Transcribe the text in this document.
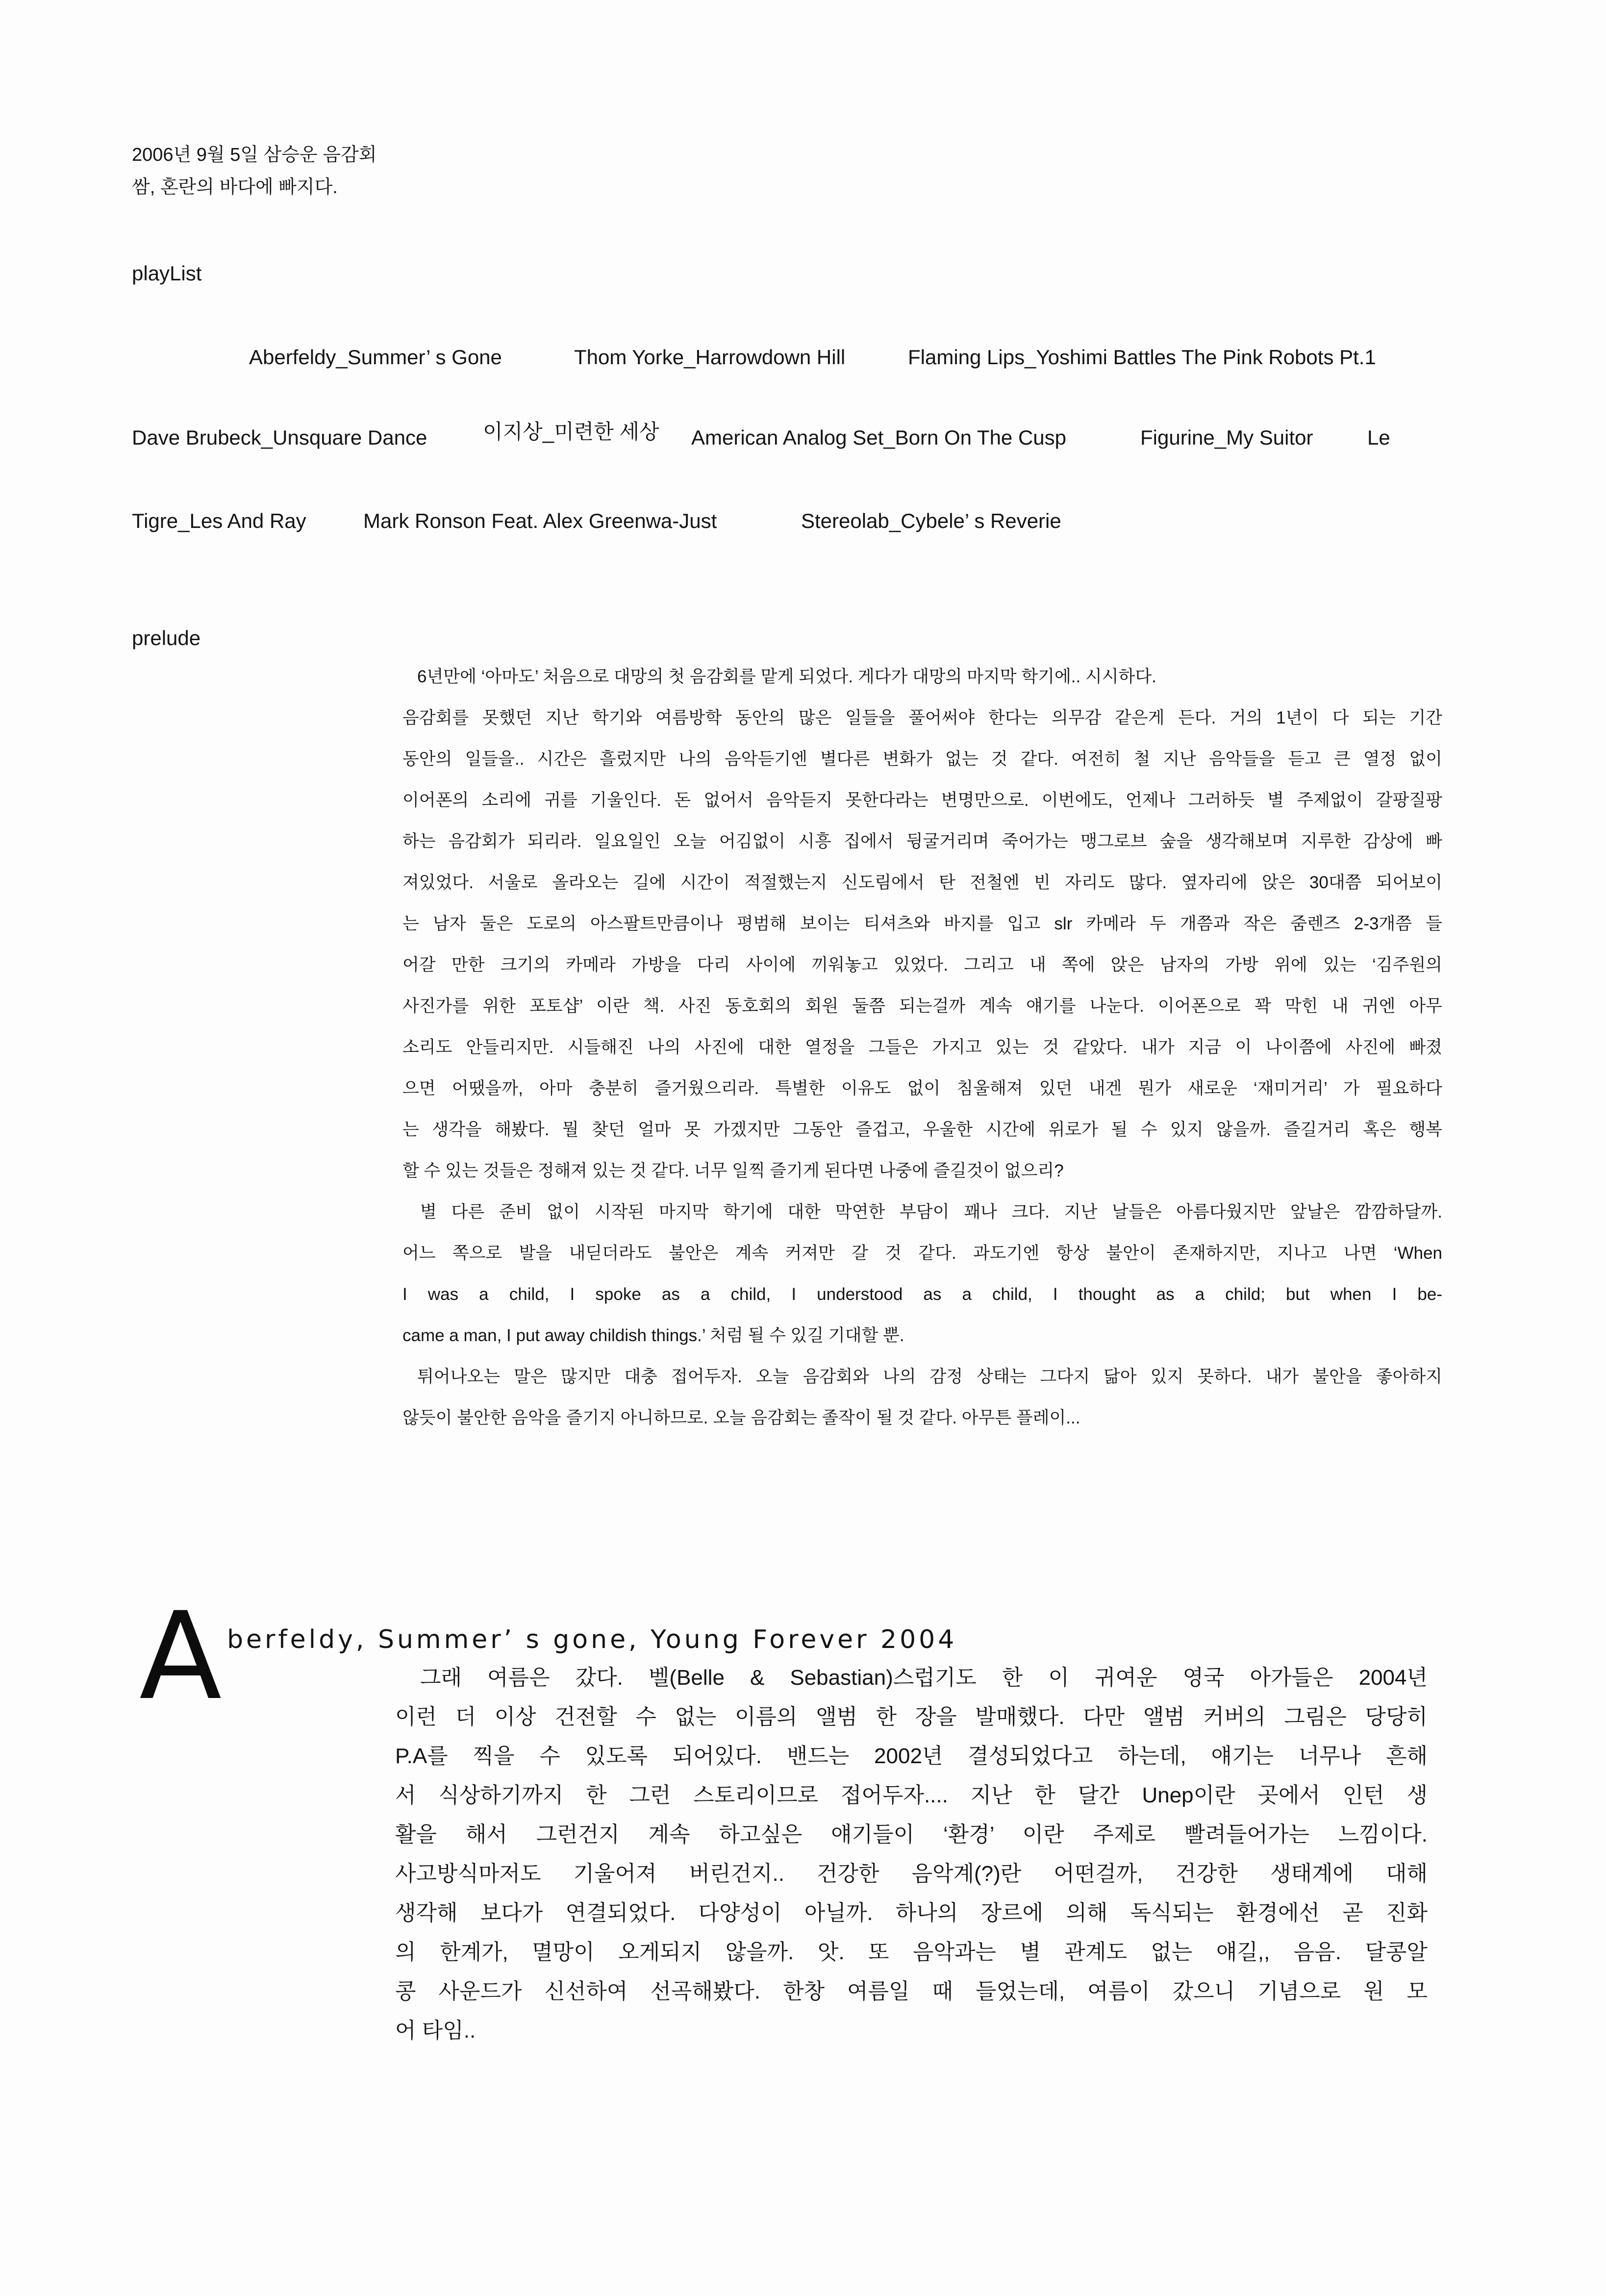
2006년 9월 5일 삼승운 음감회
쌈, 혼란의 바다에 빠지다.
playList
Aberfeldy_Summer’ s Gone	Thom Yorke_Harrowdown Hill	Flaming Lips_Yoshimi Battles The Pink Robots Pt.1
Dave Brubeck_Unsquare Dance	이지상_미련한 세상 American Analog Set_Born On The Cusp	Figurine_My Suitor	Le
Tigre_Les And Ray	Mark Ronson Feat. Alex Greenwa-Just	Stereolab_Cybele’ s Reverie
prelude
6년만에 ‘아마도’ 처음으로 대망의 첫 음감회를 맡게 되었다. 게다가 대망의 마지막 학기에.. 시시하다.
음감회를 못했던 지난 학기와 여름방학 동안의 많은 일들을 풀어써야 한다는 의무감 같은게 든다. 거의 1년이 다 되는 기간
동안의 일들을.. 시간은 흘렀지만 나의 음악듣기엔 별다른 변화가 없는 것 같다. 여전히 철 지난 음악들을 듣고 큰 열정 없이
이어폰의 소리에 귀를 기울인다. 돈 없어서 음악듣지 못한다라는 변명만으로. 이번에도, 언제나 그러하듯 별 주제없이 갈팡질팡
하는 음감회가 되리라. 일요일인 오늘 어김없이 시흥 집에서 뒹굴거리며 죽어가는 맹그로브 숲을 생각해보며 지루한 감상에 빠
져있었다. 서울로 올라오는 길에 시간이 적절했는지 신도림에서 탄 전철엔 빈 자리도 많다. 옆자리에 앉은 30대쯤 되어보이
는 남자 둘은 도로의 아스팔트만큼이나 평범해 보이는 티셔츠와 바지를 입고 slr 카메라 두 개쯤과 작은 줌렌즈 2-3개쯤 들
어갈 만한 크기의 카메라 가방을 다리 사이에 끼워놓고 있었다. 그리고 내 쪽에 앉은 남자의 가방 위에 있는 ‘김주원의
사진가를 위한 포토샵’ 이란 책. 사진 동호회의 회원 둘쯤 되는걸까 계속 얘기를 나눈다. 이어폰으로 꽉 막힌 내 귀엔 아무
소리도 안들리지만. 시들해진 나의 사진에 대한 열정을 그들은 가지고 있는 것 같았다. 내가 지금 이 나이쯤에 사진에 빠졌
으면 어땠을까, 아마 충분히 즐거웠으리라. 특별한 이유도 없이 침울해져 있던 내겐 뭔가 새로운 ‘재미거리’ 가 필요하다
는 생각을 해봤다. 뭘 찾던 얼마 못 가겠지만 그동안 즐겁고, 우울한 시간에 위로가 될 수 있지 않을까. 즐길거리 혹은 행복
할 수 있는 것들은 정해져 있는 것 같다. 너무 일찍 즐기게 된다면 나중에 즐길것이 없으리?
별 다른 준비 없이 시작된 마지막 학기에 대한 막연한 부담이 꽤나 크다. 지난 날들은 아름다웠지만 앞날은 깜깜하달까.
어느 쪽으로 발을 내딛더라도 불안은 계속 커져만 갈 것 같다. 과도기엔 항상 불안이 존재하지만, 지나고 나면 ‘When
I was a child, I spoke as a child, I understood as a child, I thought as a child; but when I be-
came a man, I put away childish things.’ 처럼 될 수 있길 기대할 뿐.
튀어나오는 말은 많지만 대충 접어두자. 오늘 음감회와 나의 감정 상태는 그다지 닮아 있지 못하다. 내가 불안을 좋아하지
않듯이 불안한 음악을 즐기지 아니하므로. 오늘 음감회는 졸작이 될 것 같다. 아무튼 플레이...
A berfeldy, Summer’ s gone, Young Forever 2004
그래 여름은 갔다. 벨(Belle & Sebastian)스럽기도 한 이 귀여운 영국 아가들은 2004년
이런 더 이상 건전할 수 없는 이름의 앨범 한 장을 발매했다. 다만 앨범 커버의 그림은 당당히
P.A를 찍을 수 있도록 되어있다. 밴드는 2002년 결성되었다고 하는데, 얘기는 너무나 흔해
서 식상하기까지 한 그런 스토리이므로 접어두자.... 지난 한 달간 Unep이란 곳에서 인턴 생
활을 해서 그런건지 계속 하고싶은 얘기들이 ‘환경’ 이란 주제로 빨려들어가는 느낌이다.
사고방식마저도 기울어져 버린건지.. 건강한 음악계(?)란 어떤걸까, 건강한 생태계에 대해
생각해 보다가 연결되었다. 다양성이 아닐까. 하나의 장르에 의해 독식되는 환경에선 곧 진화
의 한계가, 멸망이 오게되지 않을까. 앗. 또 음악과는 별 관계도 없는 얘길,, 음음. 달콩알
콩 사운드가 신선하여 선곡해봤다. 한창 여름일 때 들었는데, 여름이 갔으니 기념으로 원 모
어 타임..
